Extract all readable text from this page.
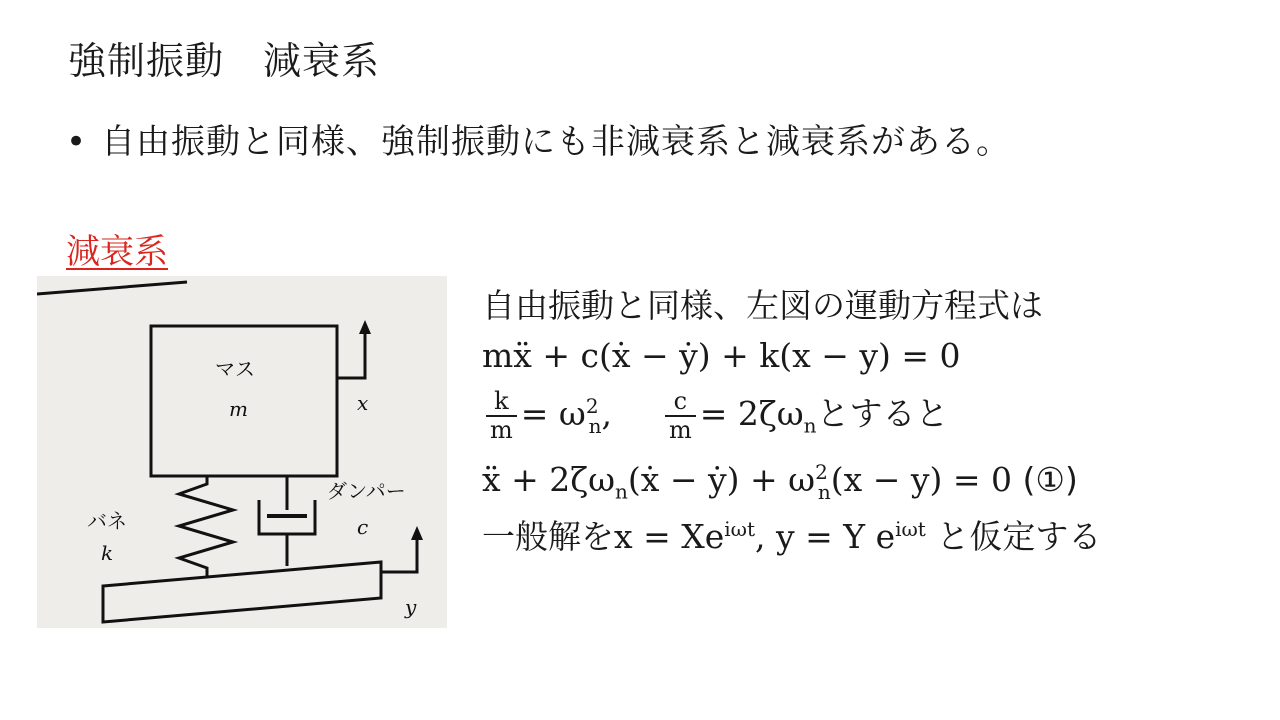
強制振動　減衰系
• 自由振動と同様、強制振動にも非減衰系と減衰系がある。
減衰系
マス
m	x
バネ
k
ダンパー
c
y
自由振動と同様、左図の運動方程式は
mẍ + c(ẋ − ẏ) + k(x − y) = 0
$\frac{k}{m} = \omega^2_n$, $\frac{c}{m} = 2\zeta\omega_n$とすると
ẍ + $2\zeta\omega_n(ẋ$ − ẏ) + $\omega^2_n(x - y) = 0$ (①)
一般解を$x = Xe^{i\omega t}$, y = Y $e^{i\omega t}$ と仮定する
